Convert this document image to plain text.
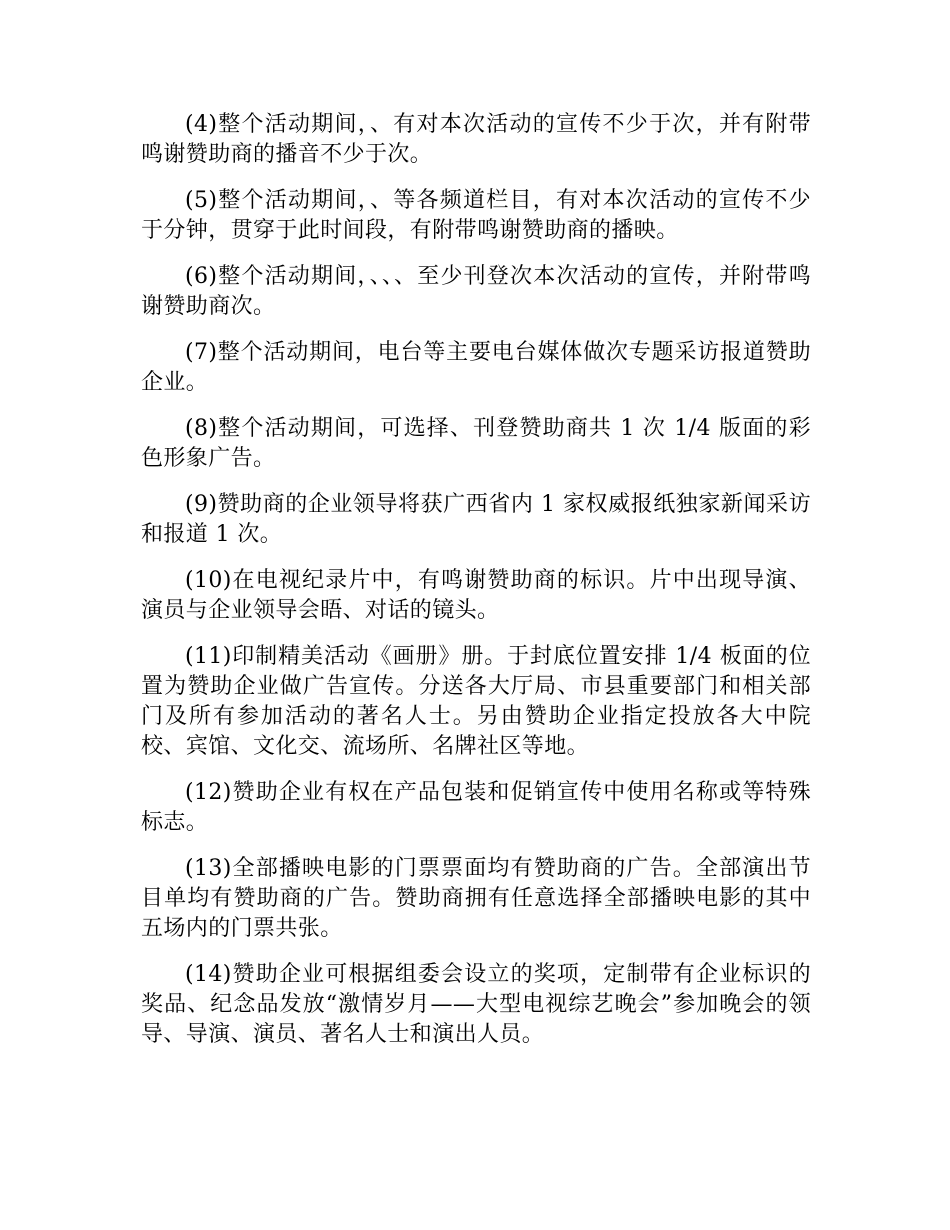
(4)整个活动期间，、有对本次活动的宣传不少于次，并有附带鸣谢赞助商的播音不少于次。

(5)整个活动期间，、等各频道栏目，有对本次活动的宣传不少于分钟，贯穿于此时间段，有附带鸣谢赞助商的播映。

(6)整个活动期间，、、、至少刊登次本次活动的宣传，并附带鸣谢赞助商次。

(7)整个活动期间，电台等主要电台媒体做次专题采访报道赞助企业。

(8)整个活动期间，可选择、刊登赞助商共 1 次 1/4 版面的彩色形象广告。

(9)赞助商的企业领导将获广西省内 1 家权威报纸独家新闻采访和报道 1 次。

(10)在电视纪录片中，有鸣谢赞助商的标识。片中出现导演、演员与企业领导会晤、对话的镜头。

(11)印制精美活动《画册》册。于封底位置安排 1/4 板面的位置为赞助企业做广告宣传。分送各大厅局、市县重要部门和相关部门及所有参加活动的著名人士。另由赞助企业指定投放各大中院校、宾馆、文化交、流场所、名牌社区等地。

(12)赞助企业有权在产品包装和促销宣传中使用名称或等特殊标志。

(13)全部播映电影的门票票面均有赞助商的广告。全部演出节目单均有赞助商的广告。赞助商拥有任意选择全部播映电影的其中五场内的门票共张。

(14)赞助企业可根据组委会设立的奖项，定制带有企业标识的奖品、纪念品发放“激情岁月——大型电视综艺晚会”参加晚会的领导、导演、演员、著名人士和演出人员。
